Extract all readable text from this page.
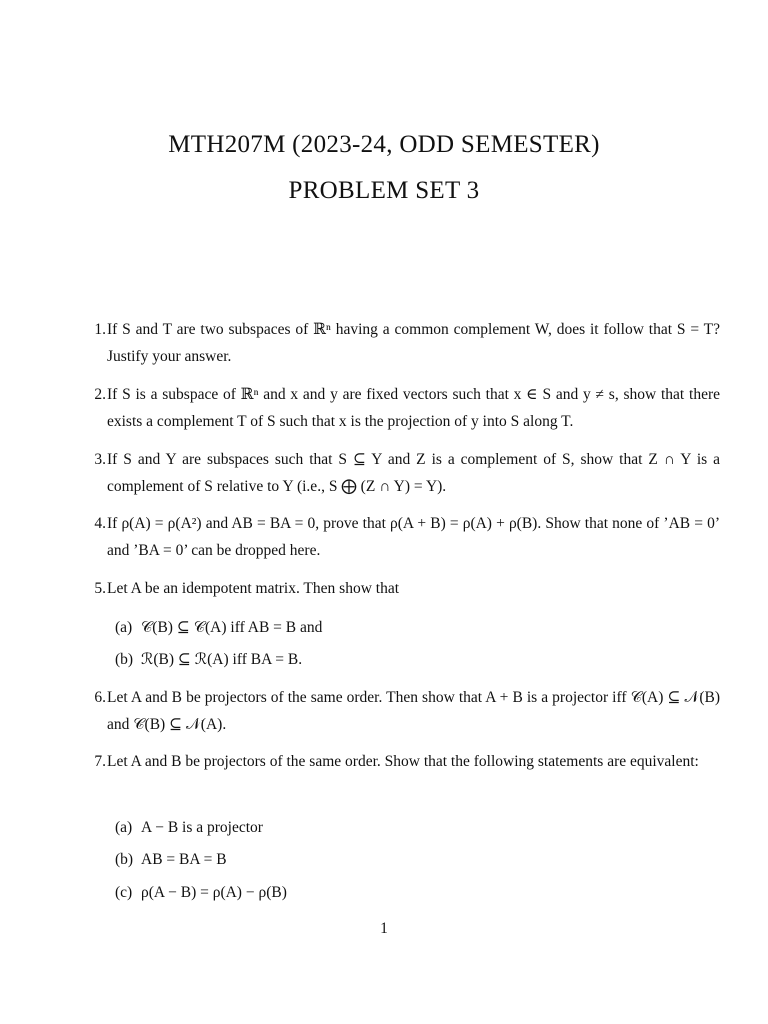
MTH207M (2023-24, ODD SEMESTER)
PROBLEM SET 3
1. If S and T are two subspaces of ℝⁿ having a common complement W, does it follow that S = T? Justify your answer.
2. If S is a subspace of ℝⁿ and x and y are fixed vectors such that x ∈ S and y ≠ s, show that there exists a complement T of S such that x is the projection of y into S along T.
3. If S and Y are subspaces such that S ⊆ Y and Z is a complement of S, show that Z ∩ Y is a complement of S relative to Y (i.e., S ⨁ (Z ∩ Y) = Y).
4. If ρ(A) = ρ(A²) and AB = BA = 0, prove that ρ(A + B) = ρ(A) + ρ(B). Show that none of ’AB = 0’ and ’BA = 0’ can be dropped here.
5. Let A be an idempotent matrix. Then show that
(a) 𝒞(B) ⊆ 𝒞(A) iff AB = B and
(b) ℛ(B) ⊆ ℛ(A) iff BA = B.
6. Let A and B be projectors of the same order. Then show that A + B is a projector iff 𝒞(A) ⊆ 𝒩(B) and 𝒞(B) ⊆ 𝒩(A).
7. Let A and B be projectors of the same order. Show that the following statements are equivalent:
(a) A − B is a projector
(b) AB = BA = B
(c) ρ(A − B) = ρ(A) − ρ(B)
1
